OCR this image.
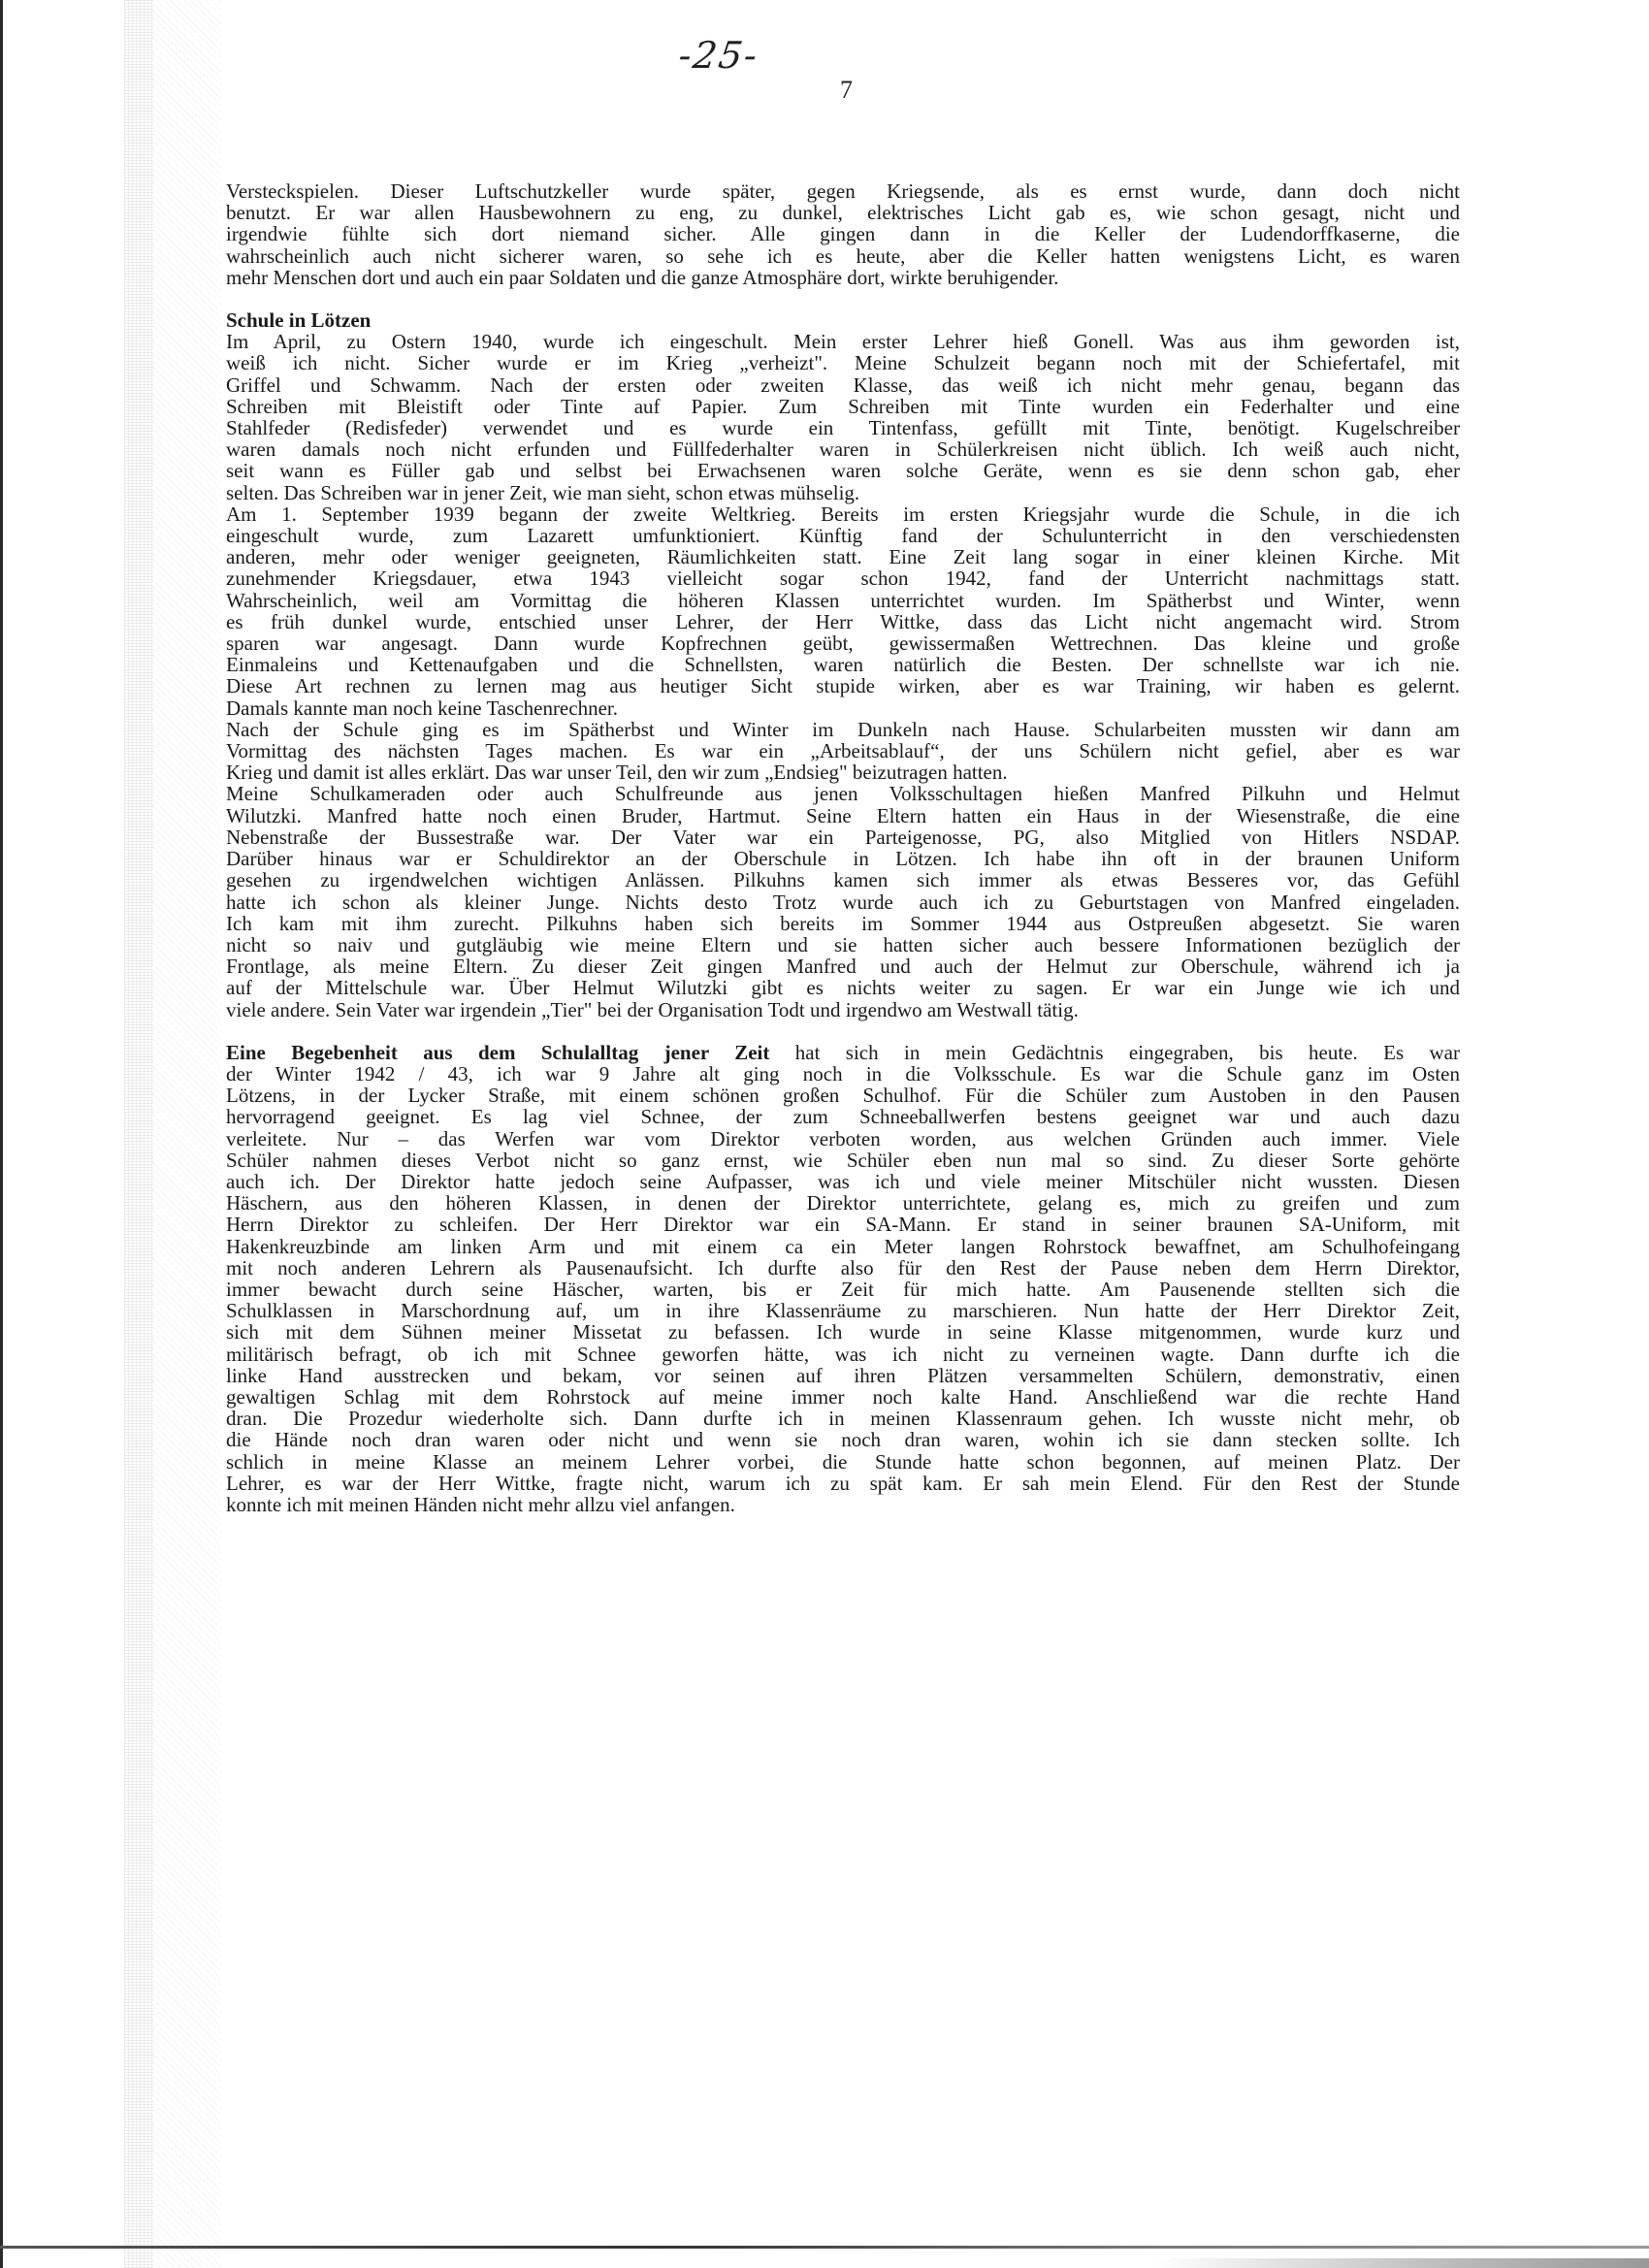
-25-
7

Versteckspielen. Dieser Luftschutzkeller wurde später, gegen Kriegsende, als es ernst wurde, dann doch nicht
benutzt. Er war allen Hausbewohnern zu eng, zu dunkel, elektrisches Licht gab es, wie schon gesagt, nicht und
irgendwie fühlte sich dort niemand sicher. Alle gingen dann in die Keller der Ludendorffkaserne, die
wahrscheinlich auch nicht sicherer waren, so sehe ich es heute, aber die Keller hatten wenigstens Licht, es waren
mehr Menschen dort und auch ein paar Soldaten und die ganze Atmosphäre dort, wirkte beruhigender.

Schule in Lötzen

Im April, zu Ostern 1940, wurde ich eingeschult. Mein erster Lehrer hieß Gonell. Was aus ihm geworden ist,
weiß ich nicht. Sicher wurde er im Krieg „verheizt". Meine Schulzeit begann noch mit der Schiefertafel, mit
Griffel und Schwamm. Nach der ersten oder zweiten Klasse, das weiß ich nicht mehr genau, begann das
Schreiben mit Bleistift oder Tinte auf Papier. Zum Schreiben mit Tinte wurden ein Federhalter und eine
Stahlfeder (Redisfeder) verwendet und es wurde ein Tintenfass, gefüllt mit Tinte, benötigt. Kugelschreiber
waren damals noch nicht erfunden und Füllfederhalter waren in Schülerkreisen nicht üblich. Ich weiß auch nicht,
seit wann es Füller gab und selbst bei Erwachsenen waren solche Geräte, wenn es sie denn schon gab, eher
selten. Das Schreiben war in jener Zeit, wie man sieht, schon etwas mühselig.

Am 1. September 1939 begann der zweite Weltkrieg. Bereits im ersten Kriegsjahr wurde die Schule, in die ich
eingeschult wurde, zum Lazarett umfunktioniert. Künftig fand der Schulunterricht in den verschiedensten
anderen, mehr oder weniger geeigneten, Räumlichkeiten statt. Eine Zeit lang sogar in einer kleinen Kirche. Mit
zunehmender Kriegsdauer, etwa 1943 vielleicht sogar schon 1942, fand der Unterricht nachmittags statt.
Wahrscheinlich, weil am Vormittag die höheren Klassen unterrichtet wurden. Im Spätherbst und Winter, wenn
es früh dunkel wurde, entschied unser Lehrer, der Herr Wittke, dass das Licht nicht angemacht wird. Strom
sparen war angesagt. Dann wurde Kopfrechnen geübt, gewissermaßen Wettrechnen. Das kleine und große
Einmaleins und Kettenaufgaben und die Schnellsten, waren natürlich die Besten. Der schnellste war ich nie.
Diese Art rechnen zu lernen mag aus heutiger Sicht stupide wirken, aber es war Training, wir haben es gelernt.
Damals kannte man noch keine Taschenrechner.

Nach der Schule ging es im Spätherbst und Winter im Dunkeln nach Hause. Schularbeiten mussten wir dann am
Vormittag des nächsten Tages machen. Es war ein „Arbeitsablauf“, der uns Schülern nicht gefiel, aber es war
Krieg und damit ist alles erklärt. Das war unser Teil, den wir zum „Endsieg" beizutragen hatten.

Meine Schulkameraden oder auch Schulfreunde aus jenen Volksschultagen hießen Manfred Pilkuhn und Helmut
Wilutzki. Manfred hatte noch einen Bruder, Hartmut. Seine Eltern hatten ein Haus in der Wiesenstraße, die eine
Nebenstraße der Bussestraße war. Der Vater war ein Parteigenosse, PG, also Mitglied von Hitlers NSDAP.
Darüber hinaus war er Schuldirektor an der Oberschule in Lötzen. Ich habe ihn oft in der braunen Uniform
gesehen zu irgendwelchen wichtigen Anlässen. Pilkuhns kamen sich immer als etwas Besseres vor, das Gefühl
hatte ich schon als kleiner Junge. Nichts desto Trotz wurde auch ich zu Geburtstagen von Manfred eingeladen.
Ich kam mit ihm zurecht. Pilkuhns haben sich bereits im Sommer 1944 aus Ostpreußen abgesetzt. Sie waren
nicht so naiv und gutgläubig wie meine Eltern und sie hatten sicher auch bessere Informationen bezüglich der
Frontlage, als meine Eltern. Zu dieser Zeit gingen Manfred und auch der Helmut zur Oberschule, während ich ja
auf der Mittelschule war. Über Helmut Wilutzki gibt es nichts weiter zu sagen. Er war ein Junge wie ich und
viele andere. Sein Vater war irgendein „Tier" bei der Organisation Todt und irgendwo am Westwall tätig.

Eine Begebenheit aus dem Schulalltag jener Zeit hat sich in mein Gedächtnis eingegraben, bis heute. Es war
der Winter 1942 / 43, ich war 9 Jahre alt ging noch in die Volksschule. Es war die Schule ganz im Osten
Lötzens, in der Lycker Straße, mit einem schönen großen Schulhof. Für die Schüler zum Austoben in den Pausen
hervorragend geeignet. Es lag viel Schnee, der zum Schneeballwerfen bestens geeignet war und auch dazu
verleitete. Nur – das Werfen war vom Direktor verboten worden, aus welchen Gründen auch immer. Viele
Schüler nahmen dieses Verbot nicht so ganz ernst, wie Schüler eben nun mal so sind. Zu dieser Sorte gehörte
auch ich. Der Direktor hatte jedoch seine Aufpasser, was ich und viele meiner Mitschüler nicht wussten. Diesen
Häschern, aus den höheren Klassen, in denen der Direktor unterrichtete, gelang es, mich zu greifen und zum
Herrn Direktor zu schleifen. Der Herr Direktor war ein SA-Mann. Er stand in seiner braunen SA-Uniform, mit
Hakenkreuzbinde am linken Arm und mit einem ca ein Meter langen Rohrstock bewaffnet, am Schulhofeingang
mit noch anderen Lehrern als Pausenaufsicht. Ich durfte also für den Rest der Pause neben dem Herrn Direktor,
immer bewacht durch seine Häscher, warten, bis er Zeit für mich hatte. Am Pausenende stellten sich die
Schulklassen in Marschordnung auf, um in ihre Klassenräume zu marschieren. Nun hatte der Herr Direktor Zeit,
sich mit dem Sühnen meiner Missetat zu befassen. Ich wurde in seine Klasse mitgenommen, wurde kurz und
militärisch befragt, ob ich mit Schnee geworfen hätte, was ich nicht zu verneinen wagte. Dann durfte ich die
linke Hand ausstrecken und bekam, vor seinen auf ihren Plätzen versammelten Schülern, demonstrativ, einen
gewaltigen Schlag mit dem Rohrstock auf meine immer noch kalte Hand. Anschließend war die rechte Hand
dran. Die Prozedur wiederholte sich. Dann durfte ich in meinen Klassenraum gehen. Ich wusste nicht mehr, ob
die Hände noch dran waren oder nicht und wenn sie noch dran waren, wohin ich sie dann stecken sollte. Ich
schlich in meine Klasse an meinem Lehrer vorbei, die Stunde hatte schon begonnen, auf meinen Platz. Der
Lehrer, es war der Herr Wittke, fragte nicht, warum ich zu spät kam. Er sah mein Elend. Für den Rest der Stunde
konnte ich mit meinen Händen nicht mehr allzu viel anfangen.
